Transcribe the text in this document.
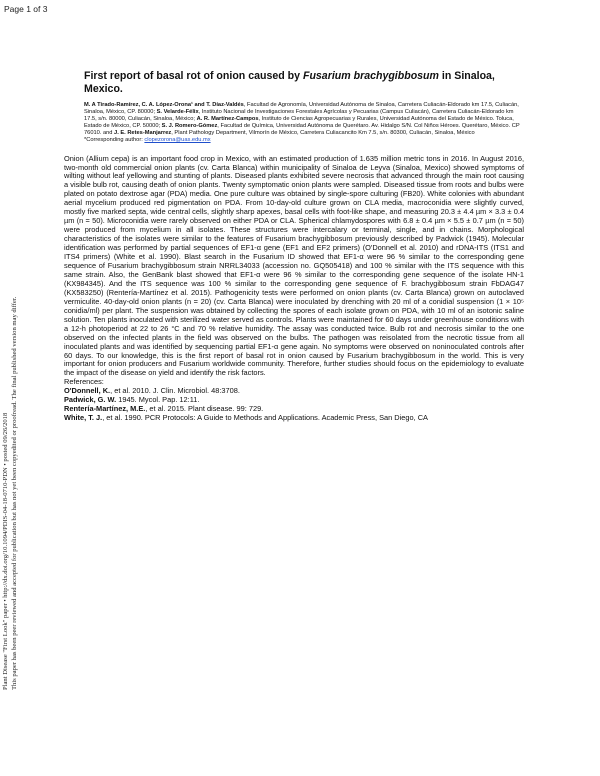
Page 1 of 3
Plant Disease "First Look" paper • http://dx.doi.org/10.1094/PDIS-04-18-0710-PDN • posted 09/26/2018 This paper has been peer reviewed and accepted for publication but has not yet been copyedited or proofread. The final published version may differ.
First report of basal rot of onion caused by Fusarium brachygibbosum in Sinaloa, Mexico.
M. A Tirado-Ramírez, C. A. López-Orona¹ and T. Díaz-Valdés, Facultad de Agronomía, Universidad Autónoma de Sinaloa, Carretera Culiacán-Eldorado km 17.5, Culiacán, Sinaloa, México, CP. 80000; S. Velarde-Félix, Instituto Nacional de Investigaciones Forestales Agrícolas y Pecuarias (Campus Culiacán), Carretera Culiacán-Eldorado km 17.5, s/n. 80000, Culiacán, Sinaloa, México; A. R. Martínez-Campos, Instituto de Ciencias Agropecuarias y Rurales, Universidad Autónoma del Estado de México. Toluca, Estado de México, CP. 50000; S. J. Romero-Gómez, Facultad de Química, Universidad Autónoma de Querétaro. Av. Hidalgo S/N. Col Niños Héroes. Querétaro, México. CP 76010. and J. E. Retes-Manjarrez, Plant Pathology Department, Vilmorín de México, Carretera Culiacancito Km 7.5, s/n. 80300, Culiacán, Sinaloa, México
*Corresponding author: clopezorona@uas.edu.mx

Onion (Allium cepa) is an important food crop in Mexico, with an estimated production of 1.635 million metric tons in 2016. In August 2016, two-month old commercial onion plants (cv. Carta Blanca) within municipality of Sinaloa de Leyva (Sinaloa, Mexico) showed symptoms of wilting without leaf yellowing and stunting of plants. Diseased plants exhibited severe necrosis that advanced through the main root causing a visible bulb rot, causing death of onion plants. Twenty symptomatic onion plants were sampled. Diseased tissue from roots and bulbs were plated on potato dextrose agar (PDA) media. One pure culture was obtained by single-spore culturing (FB20). White colonies with abundant aerial mycelium produced red pigmentation on PDA. From 10-day-old culture grown on CLA media, macroconidia were slightly curved, mostly five marked septa, wide central cells, slightly sharp apexes, basal cells with foot-like shape, and measuring 20.3 ± 4.4 µm × 3.3 ± 0.4 µm (n = 50). Microconidia were rarely observed on either PDA or CLA. Spherical chlamydospores with 6.8 ± 0.4 µm × 5.5 ± 0.7 µm (n = 50) were produced from mycelium in all isolates. These structures were intercalary or terminal, single, and in chains. Morphological characteristics of the isolates were similar to the features of Fusarium brachygibbosum previously described by Padwick (1945). Molecular identification was performed by partial sequences of EF1-α gene (EF1 and EF2 primers) (O'Donnell et al. 2010) and rDNA-ITS (ITS1 and ITS4 primers) (White et al. 1990). Blast search in the Fusarium ID showed that EF1-α were 96 % similar to the corresponding gene sequence of Fusarium brachygibbosum strain NRRL34033 (accession no. GQ505418) and 100 % similar with the ITS sequence with this same strain. Also, the GenBank blast showed that EF1-α were 96 % similar to the corresponding gene sequence of the isolate HN-1 (KX984345). And the ITS sequence was 100 % similar to the corresponding gene sequence of F. brachygibbosum strain FbDAG47 (KX583250) (Rentería-Martínez et al. 2015). Pathogenicity tests were performed on onion plants (cv. Carta Blanca) grown on autoclaved vermiculite. 40-day-old onion plants (n = 20) (cv. Carta Blanca) were inoculated by drenching with 20 ml of a conidial suspension (1 × 10⁵ conidia/ml) per plant. The suspension was obtained by collecting the spores of each isolate grown on PDA, with 10 ml of an isotonic saline solution. Ten plants inoculated with sterilized water served as controls. Plants were maintained for 60 days under greenhouse conditions with a 12-h photoperiod at 22 to 26 °C and 70 % relative humidity. The assay was conducted twice. Bulb rot and necrosis similar to the one observed on the infected plants in the field was observed on the bulbs. The pathogen was reisolated from the necrotic tissue from all inoculated plants and was identified by sequencing partial EF1-α gene again. No symptoms were observed on noninoculated controls after 60 days. To our knowledge, this is the first report of basal rot in onion caused by Fusarium brachygibbosum in the world. This is very important for onion producers and Fusarium worldwide community. Therefore, further studies should focus on the epidemiology to evaluate the impact of the disease on yield and identify the risk factors.

References:

O'Donnell, K., et al. 2010. J. Clin. Microbiol. 48:3708.

Padwick, G. W. 1945. Mycol. Pap. 12:11.

Rentería-Martínez, M.E., et al. 2015. Plant disease. 99: 729.

White, T. J., et al. 1990. PCR Protocols: A Guide to Methods and Applications. Academic Press, San Diego, CA
